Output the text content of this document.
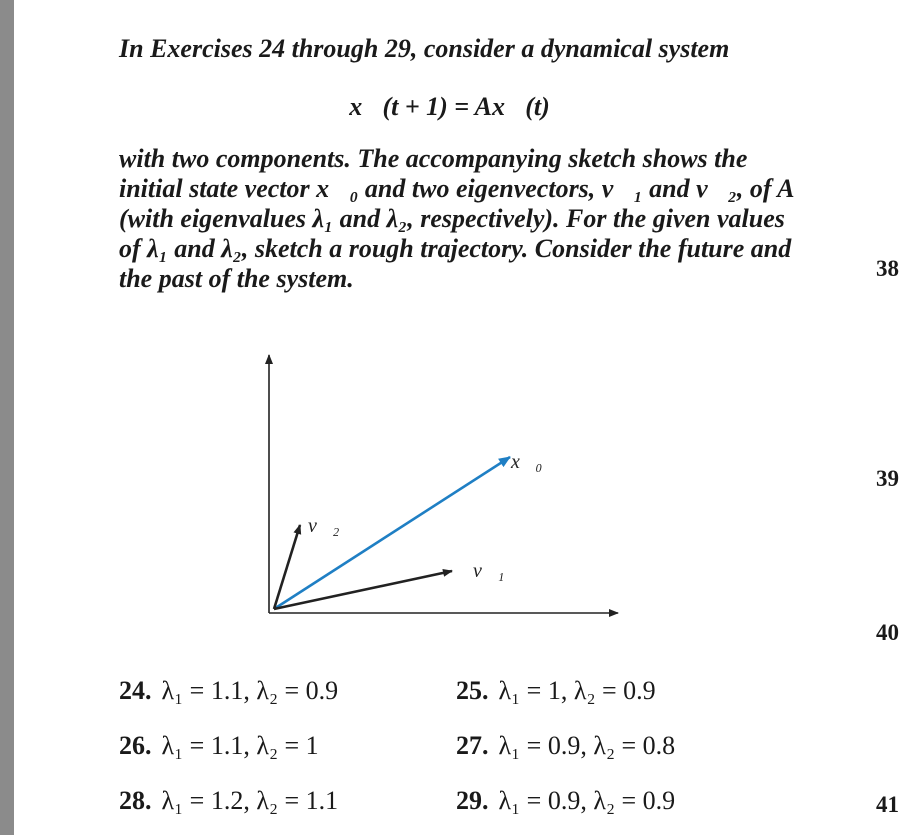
In Exercises 24 through 29, consider a dynamical system

x⃗(t + 1) = Ax⃗(t)

with two components. The accompanying sketch shows the initial state vector x⃗₀ and two eigenvectors, v⃗₁ and v⃗₂, of A (with eigenvalues λ₁ and λ₂, respectively). For the given values of λ₁ and λ₂, sketch a rough trajectory. Consider the future and the past of the system.	38
39
40
41
x⃗₀
v⃗₁
v⃗₂
24. λ₁ = 1.1, λ₂ = 0.9	25. λ₁ = 1, λ₂ = 0.9
26. λ₁ = 1.1, λ₂ = 1	27. λ₁ = 0.9, λ₂ = 0.8
28. λ₁ = 1.2, λ₂ = 1.1	29. λ₁ = 0.9, λ₂ = 0.9
